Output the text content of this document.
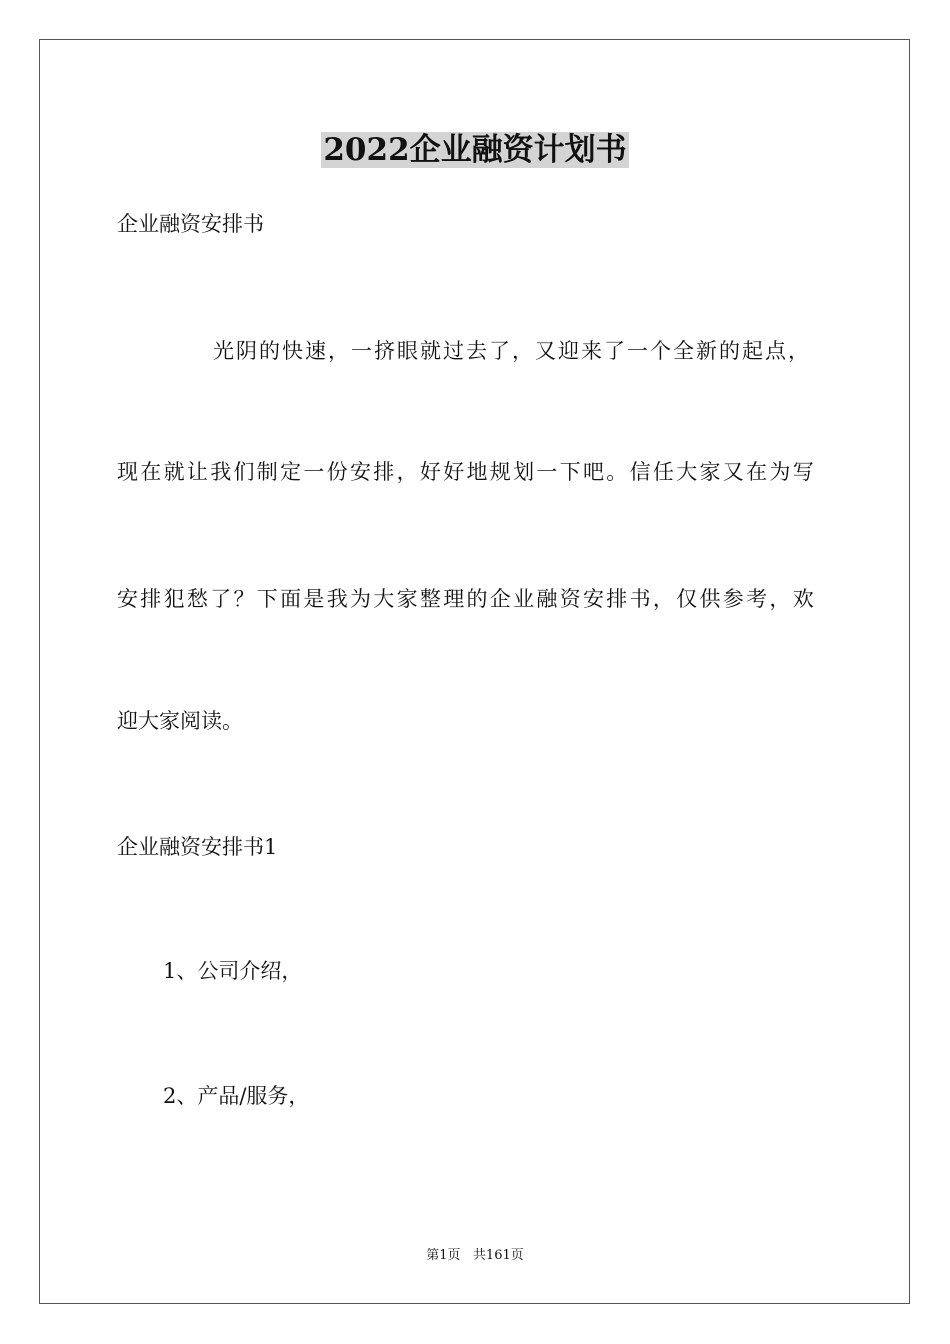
2022企业融资计划书
企业融资安排书
光阴的快速，一挤眼就过去了，又迎来了一个全新的起点，
现在就让我们制定一份安排，好好地规划一下吧。信任大家又在为写
安排犯愁了？下面是我为大家整理的企业融资安排书，仅供参考，欢
迎大家阅读。
企业融资安排书1
1、公司介绍，
2、产品/服务，
第1页   共161页
